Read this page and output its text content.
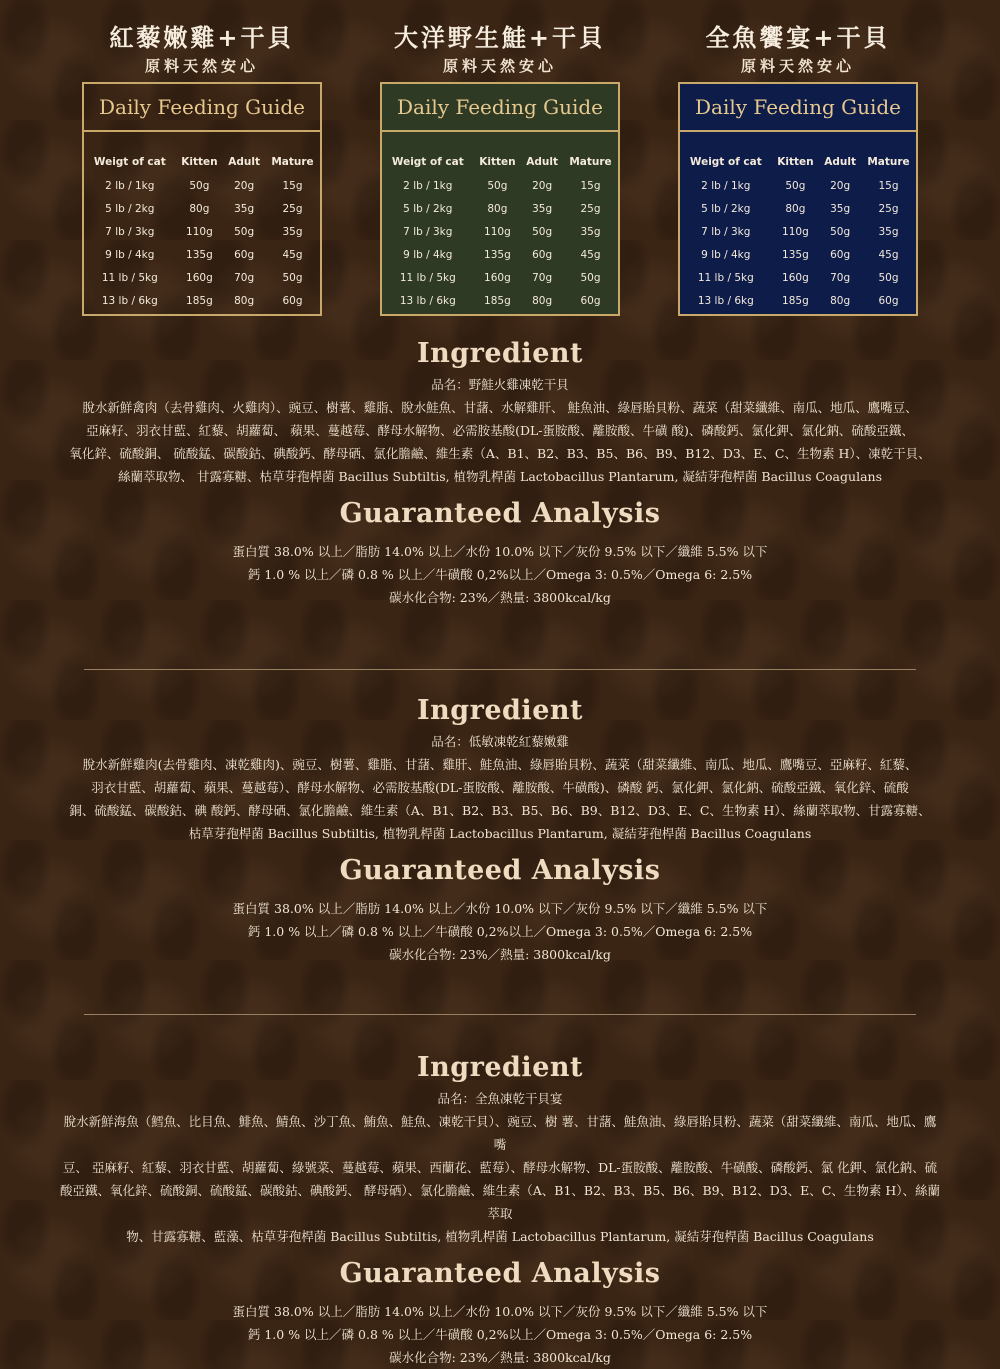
紅藜嫩雞+干貝
原料天然安心
Daily Feeding Guide
Weigt of cat	Kitten	Adult	Mature
2 lb / 1kg	50g	20g	15g
5 lb / 2kg	80g	35g	25g
7 lb / 3kg	110g	50g	35g
9 lb / 4kg	135g	60g	45g
11 lb / 5kg	160g	70g	50g
13 lb / 6kg	185g	80g	60g
大洋野生鮭+干貝
原料天然安心
Daily Feeding Guide
Weigt of cat	Kitten	Adult	Mature
2 lb / 1kg	50g	20g	15g
5 lb / 2kg	80g	35g	25g
7 lb / 3kg	110g	50g	35g
9 lb / 4kg	135g	60g	45g
11 lb / 5kg	160g	70g	50g
13 lb / 6kg	185g	80g	60g
全魚饗宴+干貝
原料天然安心
Daily Feeding Guide
Weigt of cat	Kitten	Adult	Mature
2 lb / 1kg	50g	20g	15g
5 lb / 2kg	80g	35g	25g
7 lb / 3kg	110g	50g	35g
9 lb / 4kg	135g	60g	45g
11 lb / 5kg	160g	70g	50g
13 lb / 6kg	185g	80g	60g
Ingredient
品名：野鮭火雞凍乾干貝
脫水新鮮禽肉（去骨雞肉、火雞肉）、豌豆、樹薯、雞脂、脫水鮭魚、甘藷、水解雞肝、 鮭魚油、綠唇貽貝粉、蔬菜（甜菜纖維、南瓜、地瓜、鷹嘴豆、
亞麻籽、羽衣甘藍、紅藜、胡蘿蔔、 蘋果、蔓越莓、酵母水解物、必需胺基酸(DL-蛋胺酸、離胺酸、牛磺 酸)、磷酸鈣、氯化鉀、氯化鈉、硫酸亞鐵、
氧化鋅、硫酸銅、 硫酸錳、碳酸鈷、碘酸鈣、酵母硒、氯化膽鹼、維生素（A、B1、B2、B3、B5、B6、B9、B12、D3、E、C、生物素 H）、凍乾干貝、
絲蘭萃取物、 甘露寡糖、枯草芽孢桿菌 Bacillus Subtiltis, 植物乳桿菌 Lactobacillus Plantarum, 凝結芽孢桿菌 Bacillus Coagulans
Guaranteed Analysis
蛋白質 38.0% 以上／脂肪 14.0% 以上／水份 10.0% 以下／灰份 9.5% 以下／纖維 5.5% 以下
鈣 1.0 % 以上／磷 0.8 % 以上／牛磺酸 0,2%以上／Omega 3: 0.5%／Omega 6: 2.5%
碳水化合物: 23%／熱量: 3800kcal/kg
Ingredient
品名：低敏凍乾紅藜嫩雞
脫水新鮮雞肉(去骨雞肉、凍乾雞肉)、豌豆、樹薯、雞脂、甘藷、雞肝、鮭魚油、綠唇貽貝粉、蔬菜（甜菜纖維、南瓜、地瓜、鷹嘴豆、亞麻籽、紅藜、
羽衣甘藍、胡蘿蔔、蘋果、蔓越莓）、酵母水解物、必需胺基酸(DL-蛋胺酸、離胺酸、牛磺酸)、磷酸 鈣、氯化鉀、氯化鈉、硫酸亞鐵、氧化鋅、硫酸
銅、硫酸錳、碳酸鈷、碘 酸鈣、酵母硒、氯化膽鹼、維生素（A、B1、B2、B3、B5、B6、B9、B12、D3、E、C、生物素 H）、絲蘭萃取物、甘露寡糖、
枯草芽孢桿菌 Bacillus Subtiltis, 植物乳桿菌 Lactobacillus Plantarum, 凝結芽孢桿菌 Bacillus Coagulans
Guaranteed Analysis
蛋白質 38.0% 以上／脂肪 14.0% 以上／水份 10.0% 以下／灰份 9.5% 以下／纖維 5.5% 以下
鈣 1.0 % 以上／磷 0.8 % 以上／牛磺酸 0,2%以上／Omega 3: 0.5%／Omega 6: 2.5%
碳水化合物: 23%／熱量: 3800kcal/kg
Ingredient
品名：全魚凍乾干貝宴
脫水新鮮海魚（鱈魚、比目魚、鯡魚、鯖魚、沙丁魚、鮪魚、鮭魚、凍乾干貝）、豌豆、樹 薯、甘藷、鮭魚油、綠唇貽貝粉、蔬菜（甜菜纖維、南瓜、地瓜、鷹嘴
豆、 亞麻籽、紅藜、羽衣甘藍、胡蘿蔔、綠號菜、蔓越莓、蘋果、西蘭花、藍莓）、酵母水解物、DL-蛋胺酸、離胺酸、牛磺酸、磷酸鈣、氯 化鉀、氯化鈉、硫
酸亞鐵、氧化鋅、硫酸銅、硫酸錳、碳酸鈷、碘酸鈣、 酵母硒）、氯化膽鹼、維生素（A、B1、B2、B3、B5、B6、B9、B12、D3、E、C、生物素 H）、絲蘭萃取
物、甘露寡糖、藍藻、枯草芽孢桿菌 Bacillus Subtiltis, 植物乳桿菌 Lactobacillus Plantarum, 凝結芽孢桿菌 Bacillus Coagulans
Guaranteed Analysis
蛋白質 38.0% 以上／脂肪 14.0% 以上／水份 10.0% 以下／灰份 9.5% 以下／纖維 5.5% 以下
鈣 1.0 % 以上／磷 0.8 % 以上／牛磺酸 0,2%以上／Omega 3: 0.5%／Omega 6: 2.5%
碳水化合物: 23%／熱量: 3800kcal/kg
